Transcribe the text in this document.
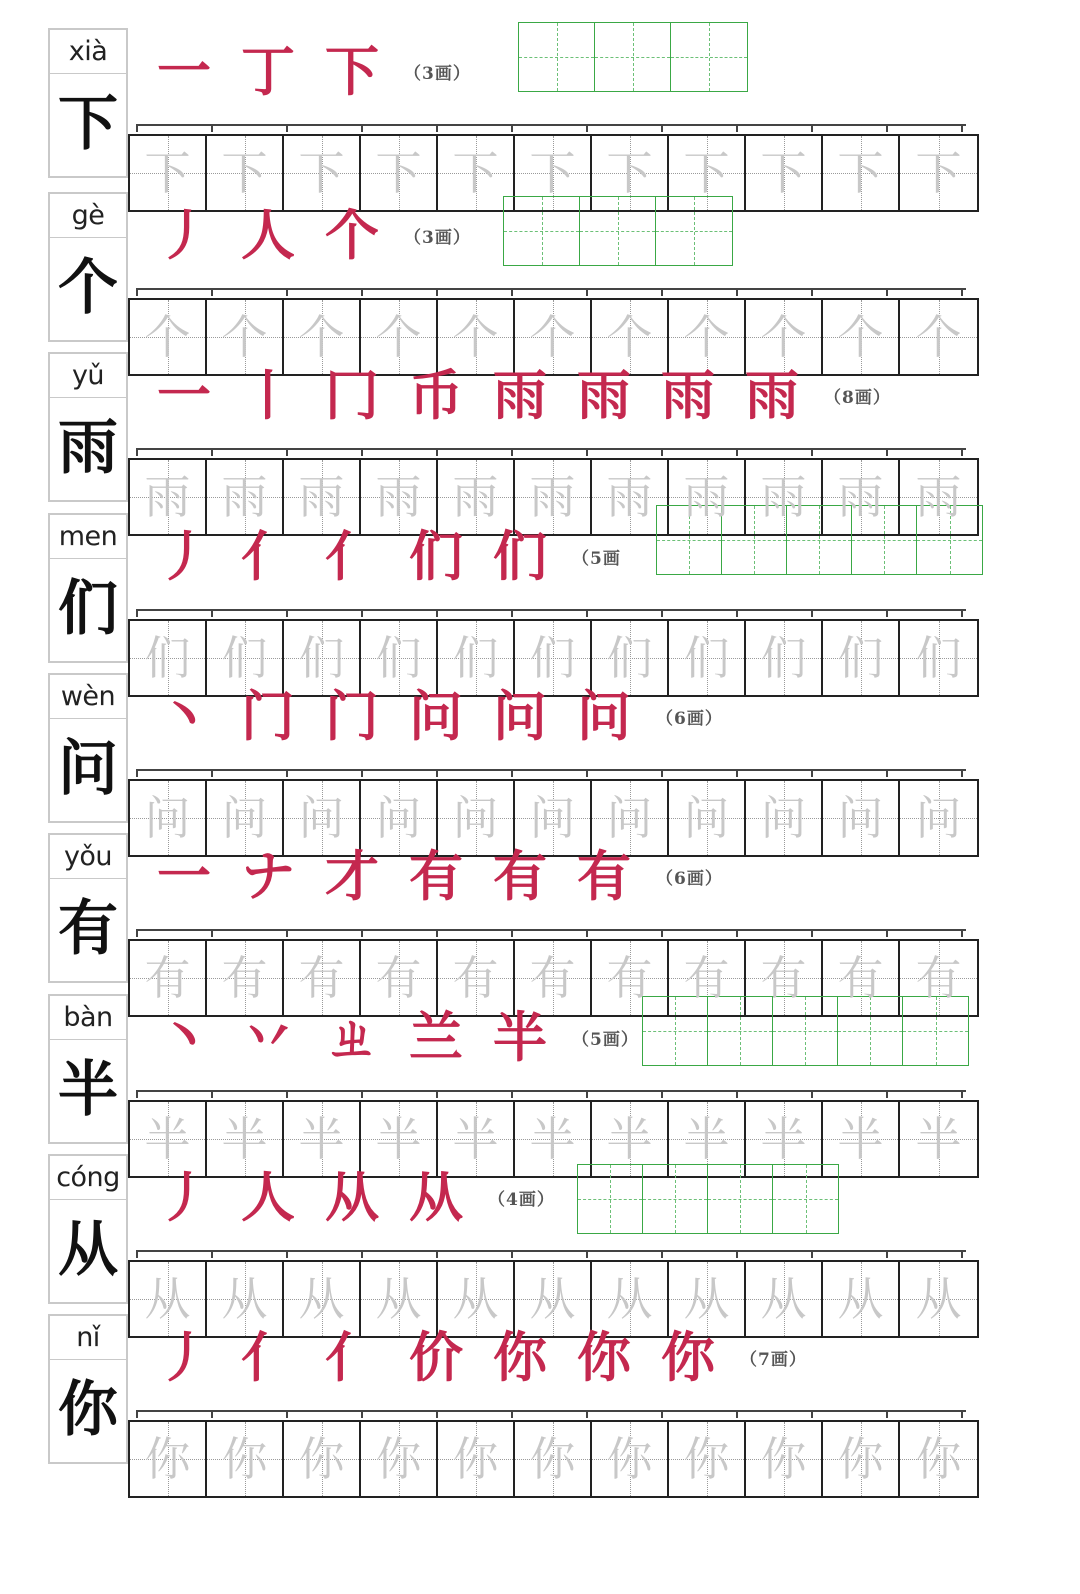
xià
下
一 丁 下	（3画）
下 下 下 下 下 下 下 下 下 下 下
gè
个
丿 人 个	（3画）
个 个 个 个 个 个 个 个 个 个 个
yǔ
雨
一 丨 冂 币 雨 雨 雨 雨	（8画）
雨 雨 雨 雨 雨 雨 雨 雨 雨 雨 雨
men
们
丿 亻 亻 们 们	（5画
们 们 们 们 们 们 们 们 们 们 们
wèn
问
丶 门 门 问 问 问	（6画）
问 问 问 问 问 问 问 问 问 问 问
yǒu
有
一 ナ 才 有 有 有	（6画）
有 有 有 有 有 有 有 有 有 有 有
bàn
半
丶 丷 ㄓ 兰 半	（5画）
半 半 半 半 半 半 半 半 半 半 半
cóng
从
丿 人 从 从	（4画）
从 从 从 从 从 从 从 从 从 从 从
nǐ
你
丿 亻 亻 价 你 你 你	（7画）
你 你 你 你 你 你 你 你 你 你 你
